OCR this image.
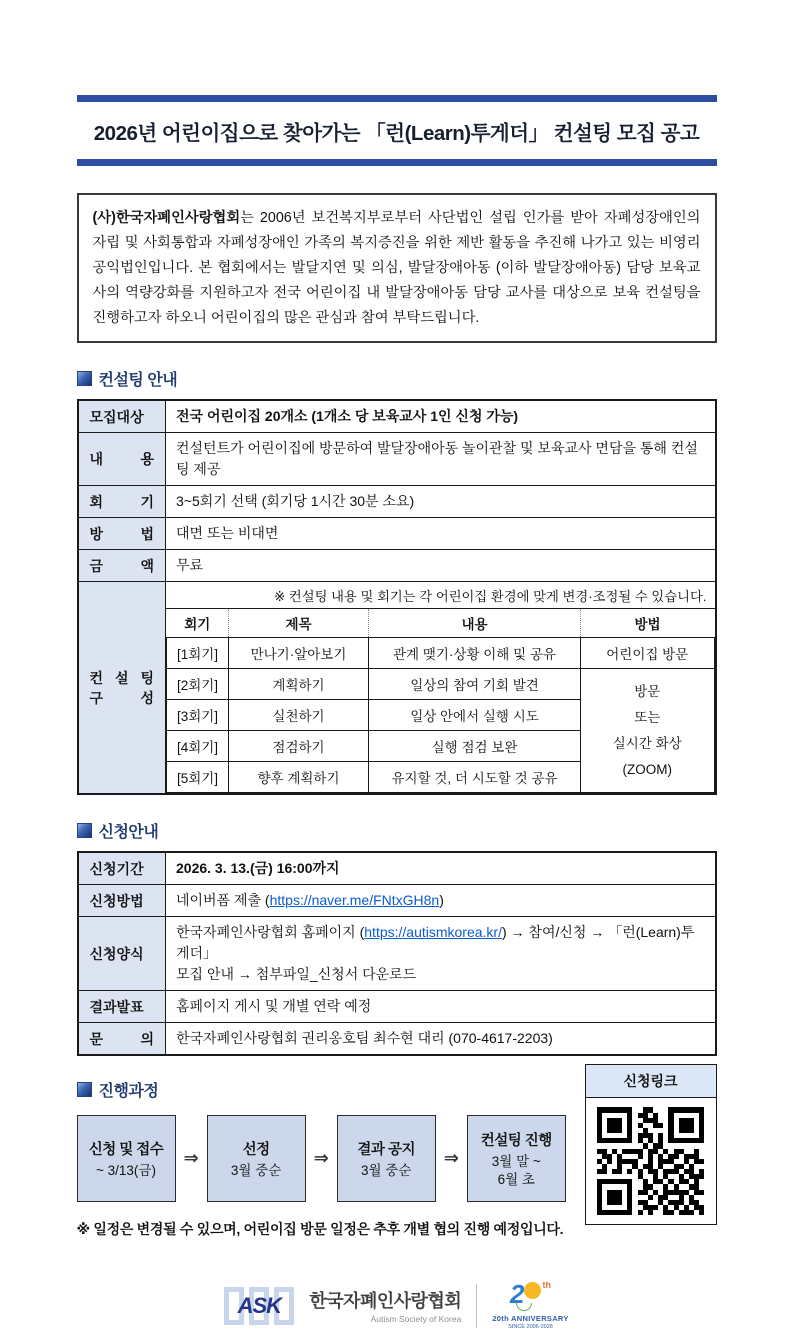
2026년 어린이집으로 찾아가는 「런(Learn)투게더」 컨설팅 모집 공고
(사)한국자폐인사랑협회는 2006년 보건복지부로부터 사단법인 설립 인가를 받아 자폐성장애인의 자립 및 사회통합과 자폐성장애인 가족의 복지증진을 위한 제반 활동을 추진해 나가고 있는 비영리 공익법인입니다. 본 협회에서는 발달지연 및 의심, 발달장애아동 (이하 발달장애아동) 담당 보육교사의 역량강화를 지원하고자 전국 어린이집 내 발달장애아동 담당 교사를 대상으로 보육 컨설팅을 진행하고자 하오니 어린이집의 많은 관심과 참여 부탁드립니다.
컨설팅 안내
모집대상	전국 어린이집 20개소 (1개소 당 보육교사 1인 신청 가능)

내 용
	컨설턴트가 어린이집에 방문하여 발달장애아동 놀이관찰 및 보육교사 면담을 통해 컨설팅 제공

회 기	3~5회기 선택 (회기당 1시간 30분 소요)

방 법	대면 또는 비대면

금 액	무료

컨 설 팅
구 성

※ 컨설팅 내용 및 회기는 각 어린이집 환경에 맞게 변경·조정될 수 있습니다.
회기	제목	내용	방법
[1회기]	만나기·알아보기	관계 맺기·상황 이해 및 공유	어린이집 방문
[2회기]	계획하기	일상의 참여 기회 발견	방문
또는
실시간 화상
(ZOOM)

[3회기]	실천하기	일상 안에서 실행 시도
[4회기]	점검하기	실행 점검 보완
[5회기]	향후 계획하기	유지할 것, 더 시도할 것 공유
신청안내
신청기간	2026. 3. 13.(금) 16:00까지

신청방법	네이버폼 제출 (https://naver.me/FNtxGH8n)

신청양식	한국자폐인사랑협회 홈페이지 (https://autismkorea.kr/) → 참여/신청 → 「런(Learn)투게더」
모집 안내 → 첨부파일_신청서 다운로드

결과발표	홈페이지 게시 및 개별 연락 예정

문 의	한국자폐인사랑협회 권리옹호팀 최수현 대리 (070-4617-2203)
진행과정
신청 및 접수
~ 3/13(금)
⇒	선정
3월 중순
⇒ 결과 공지
3월 중순
⇒
컨설팅 진행
3월 말 ~
6월 초
신청링크
※ 일정은 변경될 수 있으며, 어린이집 방문 일정은 추후 개별 협의 진행 예정입니다.
ASK	한국자폐인사랑협회
Autism Society of Korea
2 th
20th ANNIVERSARY
SINCE 2006-2026
